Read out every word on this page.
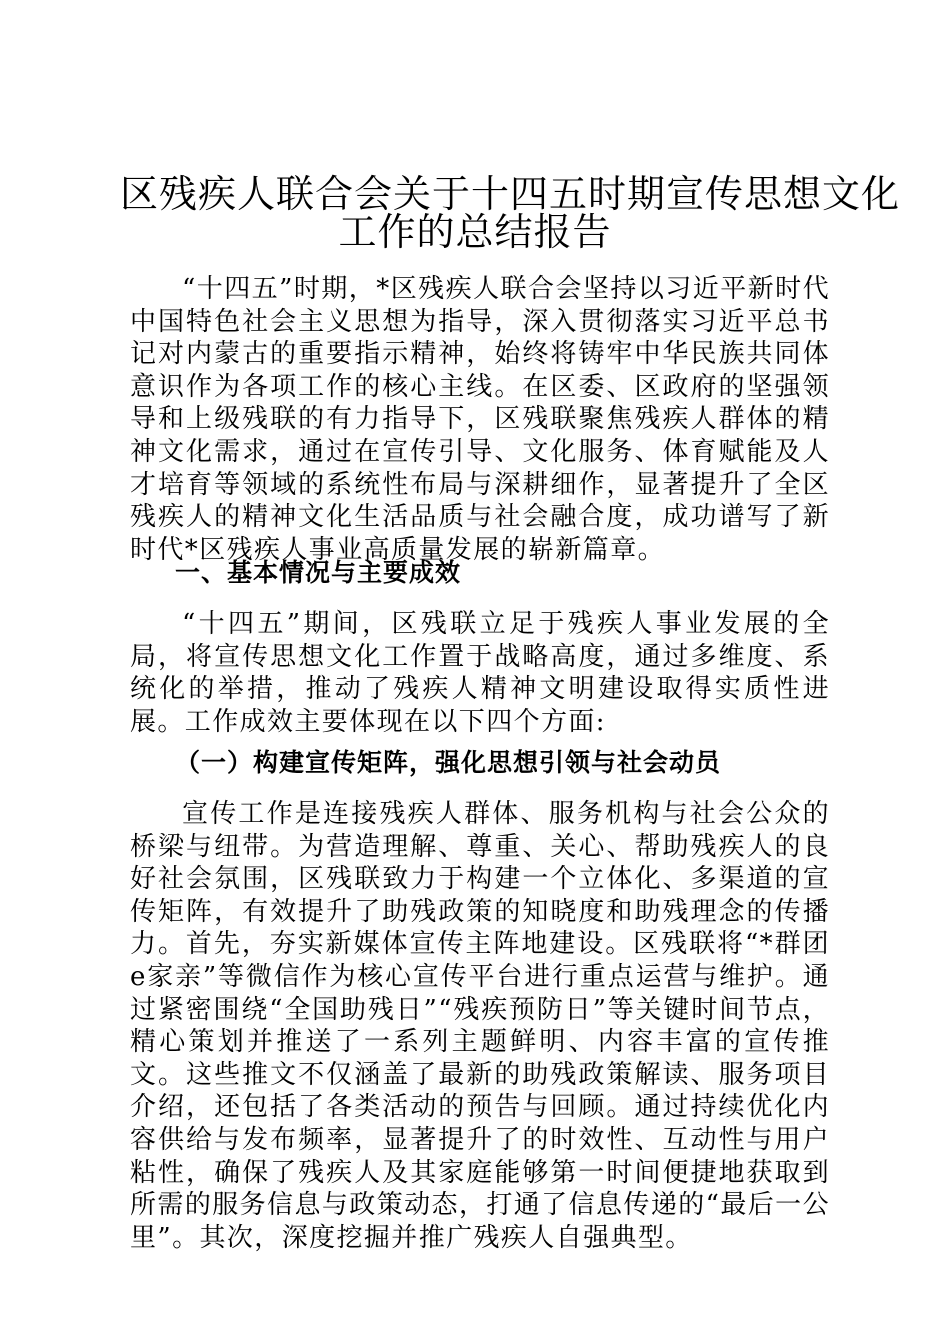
区残疾人联合会关于十四五时期宣传思想文化
工作的总结报告
“十四五”时期，*区残疾人联合会坚持以习近平新时代中国特色社会主义思想为指导，深入贯彻落实习近平总书记对内蒙古的重要指示精神，始终将铸牢中华民族共同体意识作为各项工作的核心主线。在区委、区政府的坚强领导和上级残联的有力指导下，区残联聚焦残疾人群体的精神文化需求，通过在宣传引导、文化服务、体育赋能及人才培育等领域的系统性布局与深耕细作，显著提升了全区残疾人的精神文化生活品质与社会融合度，成功谱写了新时代*区残疾人事业高质量发展的崭新篇章。
一、基本情况与主要成效
“十四五”期间，区残联立足于残疾人事业发展的全局，将宣传思想文化工作置于战略高度，通过多维度、系统化的举措，推动了残疾人精神文明建设取得实质性进展。工作成效主要体现在以下四个方面:
（一）构建宣传矩阵，强化思想引领与社会动员
宣传工作是连接残疾人群体、服务机构与社会公众的桥梁与纽带。为营造理解、尊重、关心、帮助残疾人的良好社会氛围，区残联致力于构建一个立体化、多渠道的宣传矩阵，有效提升了助残政策的知晓度和助残理念的传播力。首先，夯实新媒体宣传主阵地建设。区残联将“*群团e家亲”等微信作为核心宣传平台进行重点运营与维护。通过紧密围绕“全国助残日”“残疾预防日”等关键时间节点，精心策划并推送了一系列主题鲜明、内容丰富的宣传推文。这些推文不仅涵盖了最新的助残政策解读、服务项目介绍，还包括了各类活动的预告与回顾。通过持续优化内容供给与发布频率，显著提升了的时效性、互动性与用户粘性，确保了残疾人及其家庭能够第一时间便捷地获取到所需的服务信息与政策动态，打通了信息传递的“最后一公里”。其次，深度挖掘并推广残疾人自强典型。
